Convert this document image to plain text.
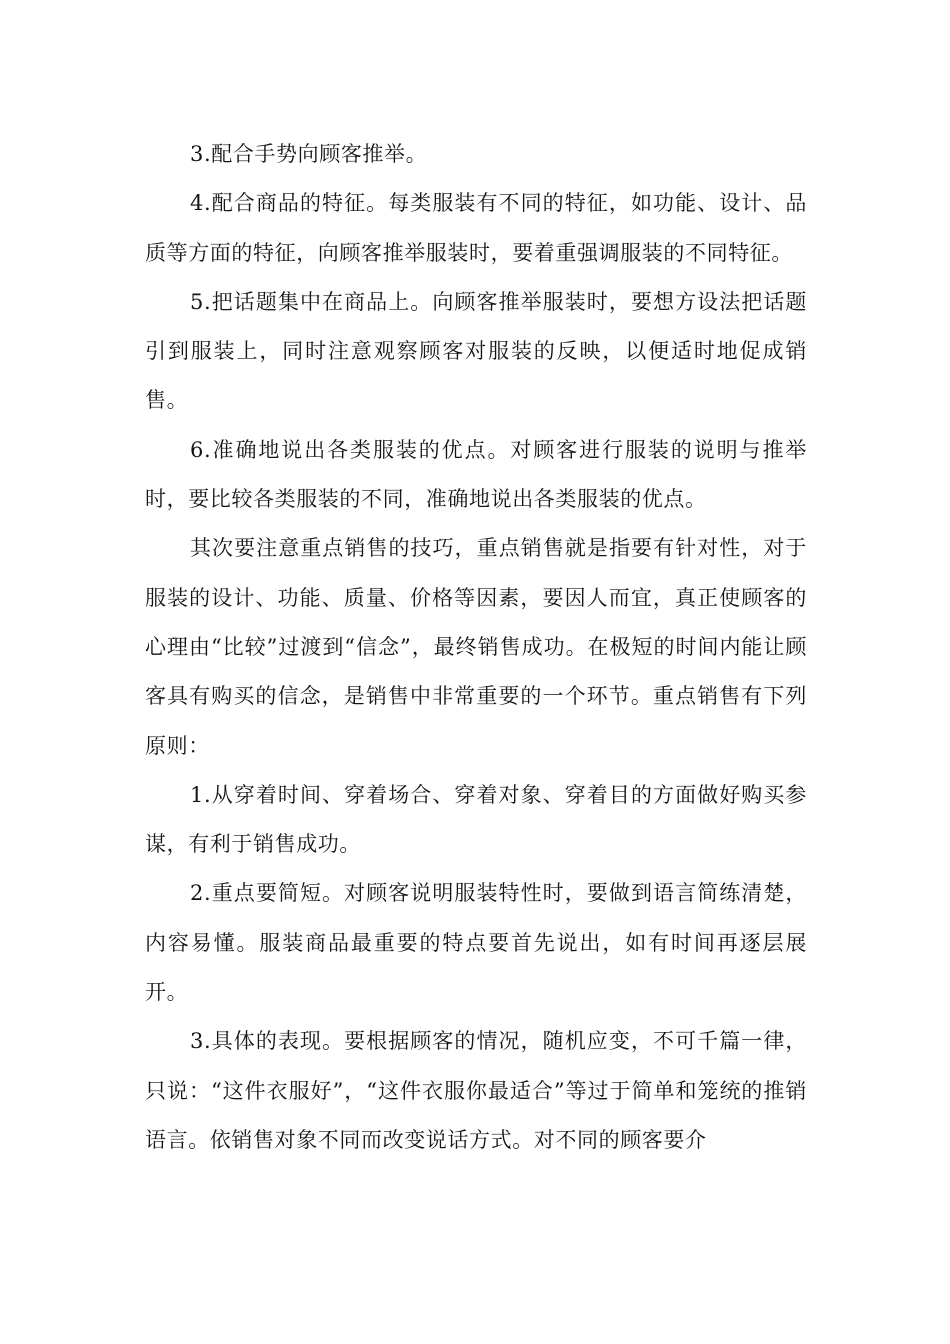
3.配合手势向顾客推举。

4.配合商品的特征。每类服装有不同的特征，如功能、设计、品质等方面的特征，向顾客推举服装时，要着重强调服装的不同特征。

5.把话题集中在商品上。向顾客推举服装时，要想方设法把话题引到服装上，同时注意观察顾客对服装的反映，以便适时地促成销售。

6.准确地说出各类服装的优点。对顾客进行服装的说明与推举时，要比较各类服装的不同，准确地说出各类服装的优点。

其次要注意重点销售的技巧，重点销售就是指要有针对性，对于服装的设计、功能、质量、价格等因素，要因人而宜，真正使顾客的心理由“比较”过渡到“信念”，最终销售成功。在极短的时间内能让顾客具有购买的信念，是销售中非常重要的一个环节。重点销售有下列原则：

1.从穿着时间、穿着场合、穿着对象、穿着目的方面做好购买参谋，有利于销售成功。

2.重点要简短。对顾客说明服装特性时，要做到语言简练清楚，内容易懂。服装商品最重要的特点要首先说出，如有时间再逐层展开。

3.具体的表现。要根据顾客的情况，随机应变，不可千篇一律，只说：“这件衣服好”，“这件衣服你最适合”等过于简单和笼统的推销语言。依销售对象不同而改变说话方式。对不同的顾客要介
